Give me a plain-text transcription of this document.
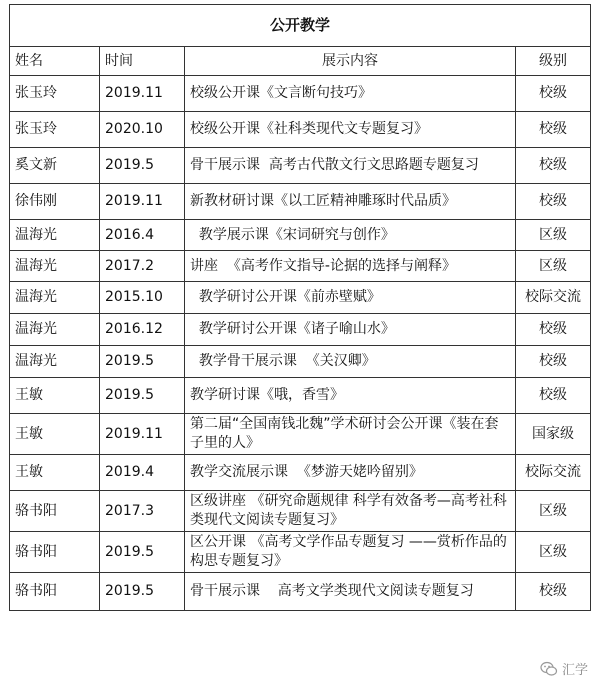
公开教学			
姓名	时间	展示内容	级别
张玉玲	2019.11	校级公开课《文言断句技巧》	校级
张玉玲	2020.10	校级公开课《社科类现代文专题复习》	校级
奚文新	2019.5	骨干展示课  高考古代散文行文思路题专题复习	校级
徐伟刚	2019.11	新教材研讨课《以工匠精神雕琢时代品质》	校级
温海光	2016.4	教学展示课《宋词研究与创作》	区级
温海光	2017.2	讲座  《高考作文指导-论据的选择与阐释》	区级
温海光	2015.10	教学研讨公开课《前赤壁赋》	校际交流
温海光	2016.12	教学研讨公开课《诸子喻山水》	校级
温海光	2019.5	教学骨干展示课  《关汉卿》	校级
王敏	2019.5	教学研讨课《哦，香雪》	校级
王敏	2019.11	第二届“全国南钱北魏”学术研讨会公开课《装在套子里的人》	国家级
王敏	2019.4	教学交流展示课  《梦游天姥吟留别》	校际交流
骆书阳	2017.3	区级讲座 《研究命题规律 科学有效备考—高考社科类现代文阅读专题复习》	区级
骆书阳	2019.5	区公开课 《高考文学作品专题复习 ——赏析作品的构思专题复习》	区级
骆书阳	2019.5	骨干展示课    高考文学类现代文阅读专题复习	校级
汇学
